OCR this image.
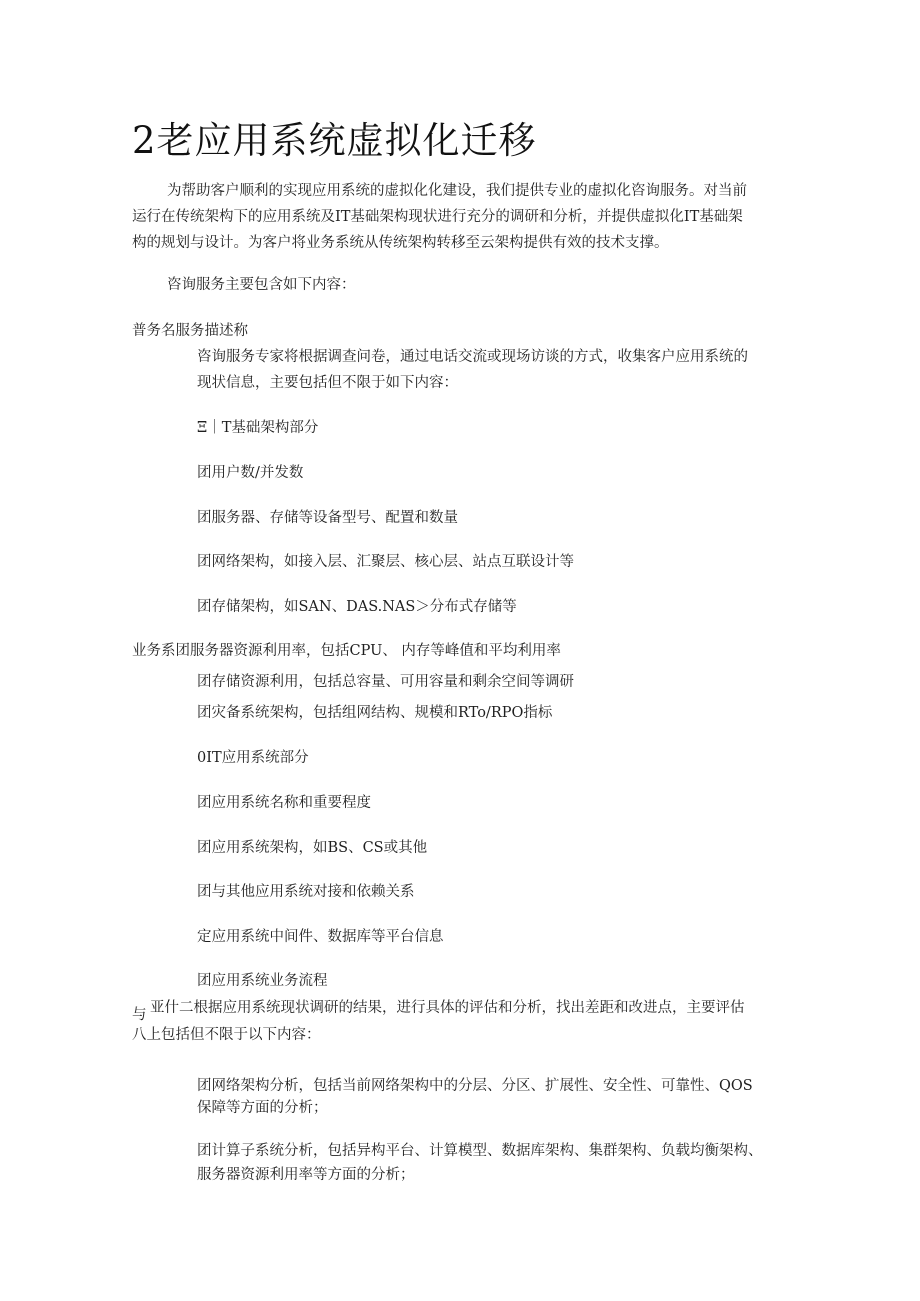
2老应用系统虚拟化迁移
为帮助客户顺利的实现应用系统的虚拟化化建设，我们提供专业的虚拟化咨询服务。对当前
运行在传统架构下的应用系统及IT基础架构现状进行充分的调研和分析，并提供虚拟化IT基础架
构的规划与设计。为客户将业务系统从传统架构转移至云架构提供有效的技术支撑。
咨询服务主要包含如下内容：
普务名服务描述称
咨询服务专家将根据调查问卷，通过电话交流或现场访谈的方式，收集客户应用系统的
现状信息，主要包括但不限于如下内容：
Ξ｜T基础架构部分
团用户数/并发数
团服务器、存储等设备型号、配置和数量
团网络架构，如接入层、汇聚层、核心层、站点互联设计等
团存储架构，如SAN、DAS.NAS＞分布式存储等
业务系团服务器资源利用率，包括CPU、 内存等峰值和平均利用率
团存储资源利用，包括总容量、可用容量和剩余空间等调研
团灾备系统架构，包括组网结构、规模和RTo/RPO指标
0IT应用系统部分
团应用系统名称和重要程度
团应用系统架构，如BS、CS或其他
团与其他应用系统对接和依赖关系
定应用系统中间件、数据库等平台信息
团应用系统业务流程
与 亚什二根据应用系统现状调研的结果，进行具体的评估和分析，找出差距和改进点，主要评估
八上包括但不限于以下内容：
团网络架构分析，包括当前网络架构中的分层、分区、扩展性、安全性、可靠性、QOS
保障等方面的分析；
团计算子系统分析，包括异构平台、计算模型、数据库架构、集群架构、负载均衡架构、
服务器资源利用率等方面的分析；
